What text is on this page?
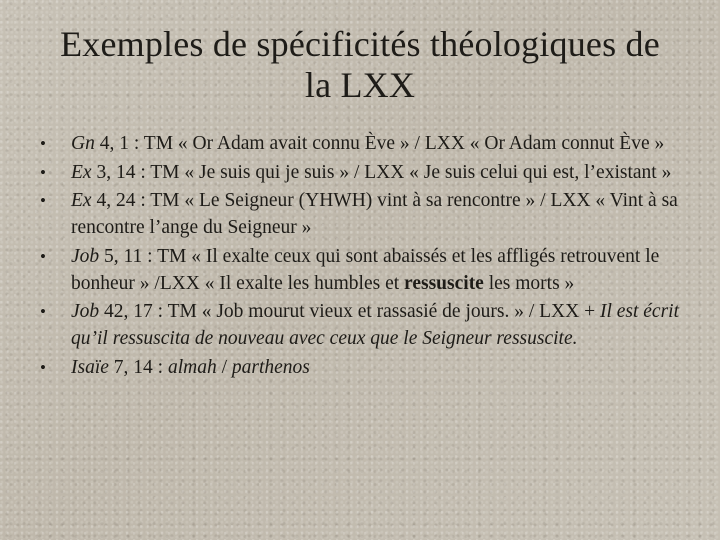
Exemples de spécificités théologiques de
la LXX
• Gn 4, 1 : TM « Or Adam avait connu Ève » / LXX « Or Adam connut Ève »
• Ex 3, 14 : TM « Je suis qui je suis » / LXX « Je suis celui qui est, l’existant »
• Ex 4, 24 : TM « Le Seigneur (YHWH) vint à sa rencontre » / LXX « Vint à sa rencontre l’ange du Seigneur »
• Job 5, 11 : TM « Il exalte ceux qui sont abaissés et les affligés retrouvent le bonheur » /LXX « Il exalte les humbles et ressuscite les morts »
• Job 42, 17 : TM « Job mourut vieux et rassasié de jours. » / LXX + Il est écrit qu’il ressuscita de nouveau avec ceux que le Seigneur ressuscite.
• Isaïe 7, 14 : almah / parthenos
